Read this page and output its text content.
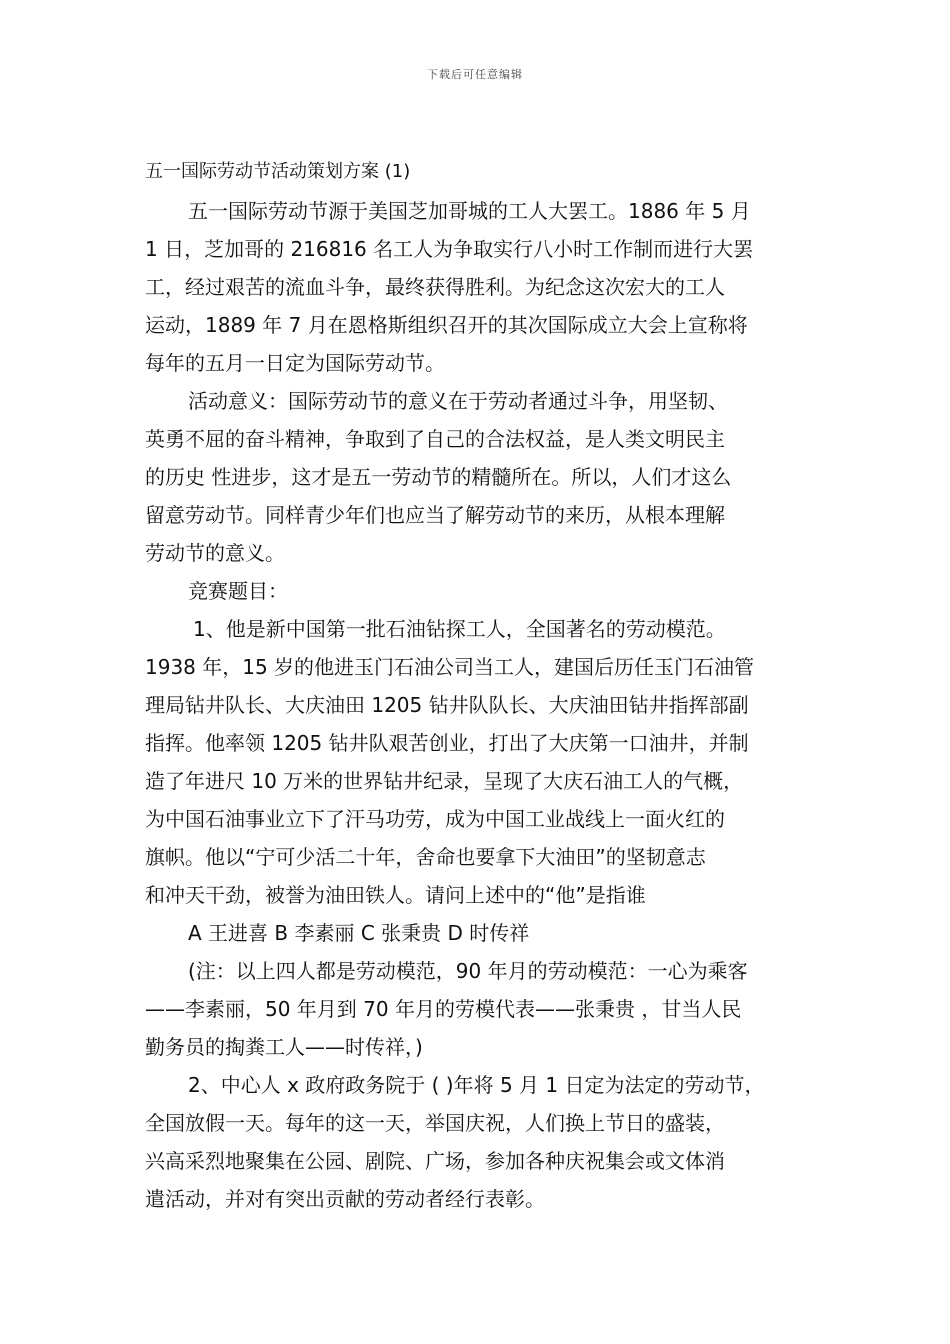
下载后可任意编辑
五一国际劳动节活动策划方案 (1)
五一国际劳动节源于美国芝加哥城的工人大罢工。1886 年 5 月
1 日，芝加哥的 216816 名工人为争取实行八小时工作制而进行大罢
工，经过艰苦的流血斗争，最终获得胜利。为纪念这次宏大的工人
运动，1889 年 7 月在恩格斯组织召开的其次国际成立大会上宣称将
每年的五月一日定为国际劳动节。
活动意义：国际劳动节的意义在于劳动者通过斗争，用坚韧、
英勇不屈的奋斗精神，争取到了自己的合法权益，是人类文明民主
的历史 性进步，这才是五一劳动节的精髓所在。所以，人们才这么
留意劳动节。同样青少年们也应当了解劳动节的来历，从根本理解
劳动节的意义。
竞赛题目：
1、他是新中国第一批石油钻探工人，全国著名的劳动模范。
1938 年，15 岁的他进玉门石油公司当工人，建国后历任玉门石油管
理局钻井队长、大庆油田 1205 钻井队队长、大庆油田钻井指挥部副
指挥。他率领 1205 钻井队艰苦创业，打出了大庆第一口油井，并制
造了年进尺 10 万米的世界钻井纪录，呈现了大庆石油工人的气概，
为中国石油事业立下了汗马功劳，成为中国工业战线上一面火红的
旗帜。他以“宁可少活二十年，舍命也要拿下大油田”的坚韧意志
和冲天干劲，被誉为油田铁人。请问上述中的“他”是指谁
A 王进喜 B 李素丽 C 张秉贵 D 时传祥
(注：以上四人都是劳动模范，90 年月的劳动模范：一心为乘客
——李素丽，50 年月到 70 年月的劳模代表——张秉贵 ，甘当人民
勤务员的掏粪工人——时传祥，)
2、中心人 x 政府政务院于 ( )年将 5 月 1 日定为法定的劳动节，
全国放假一天。每年的这一天，举国庆祝，人们换上节日的盛装，
兴高采烈地聚集在公园、剧院、广场，参加各种庆祝集会或文体消
遣活动，并对有突出贡献的劳动者经行表彰。
